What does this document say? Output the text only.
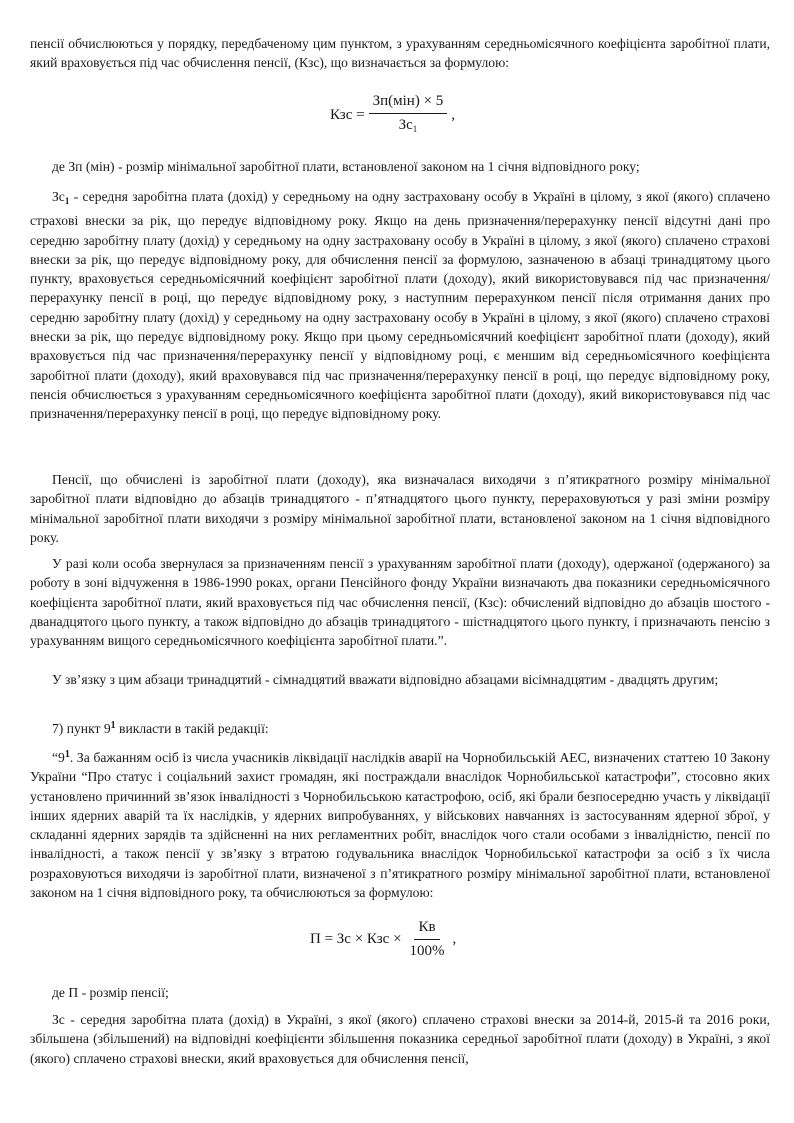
пенсії обчислюються у порядку, передбаченому цим пунктом, з урахуванням середньомісячного коефіцієнта заробітної плати, який враховується під час обчислення пенсії, (Кзс), що визначається за формулою:

Кзс = $\frac{\text{Зп(мін) × 5}}{Зс_1}$ ,

де Зп (мін) - розмір мінімальної заробітної плати, встановленої законом на 1 січня відповідного року;

$Зс_1$ - середня заробітна плата (дохід) у середньому на одну застраховану особу в Україні в цілому, з якої (якого) сплачено страхові внески за рік, що передує відповідному року. Якщо на день призначення/перерахунку пенсії відсутні дані про середню заробітну плату (дохід) у середньому на одну застраховану особу в Україні в цілому, з якої (якого) сплачено страхові внески за рік, що передує відповідному року, для обчислення пенсії за формулою, зазначеною в абзаці тринадцятому цього пункту, враховується середньомісячний коефіцієнт заробітної плати (доходу), який використовувався під час призначення/перерахунку пенсії в році, що передує відповідному року, з наступним перерахунком пенсії після отримання даних про середню заробітну плату (дохід) у середньому на одну застраховану особу в Україні в цілому, з якої (якого) сплачено страхові внески за рік, що передує відповідному року. Якщо при цьому середньомісячний коефіцієнт заробітної плати (доходу), який враховується під час призначення/перерахунку пенсії у відповідному році, є меншим від середньомісячного коефіцієнта заробітної плати (доходу), який враховувався під час призначення/перерахунку пенсії в році, що передує відповідному року, пенсія обчислюється з урахуванням середньомісячного коефіцієнта заробітної плати (доходу), який використовувався під час призначення/перерахунку пенсії в році, що передує відповідному року.

Пенсії, що обчислені із заробітної плати (доходу), яка визначалася виходячи з п’ятикратного розміру мінімальної заробітної плати відповідно до абзаців тринадцятого - п’ятнадцятого цього пункту, перераховуються у разі зміни розміру мінімальної заробітної плати виходячи з розміру мінімальної заробітної плати, встановленої законом на 1 січня відповідного року.

У разі коли особа звернулася за призначенням пенсії з урахуванням заробітної плати (доходу), одержаної (одержаного) за роботу в зоні відчуження в 1986-1990 роках, органи Пенсійного фонду України визначають два показники середньомісячного коефіцієнта заробітної плати, який враховується під час обчислення пенсії, (Кзс): обчислений відповідно до абзаців шостого - дванадцятого цього пункту, а також відповідно до абзаців тринадцятого - шістнадцятого цього пункту, і призначають пенсію з урахуванням вищого середньомісячного коефіцієнта заробітної плати.”.

У зв’язку з цим абзаци тринадцятий - сімнадцятий вважати відповідно абзацами вісімнадцятим - двадцять другим;

7) пункт $9^1$ викласти в такій редакції:

“$9^1$. За бажанням осіб із числа учасників ліквідації наслідків аварії на Чорнобильській АЕС, визначених статтею 10 Закону України “Про статус і соціальний захист громадян, які постраждали внаслідок Чорнобильської катастрофи”, стосовно яких установлено причинний зв’язок інвалідності з Чорнобильською катастрофою, осіб, які брали безпосередню участь у ліквідації інших ядерних аварій та їх наслідків, у ядерних випробуваннях, у військових навчаннях із застосуванням ядерної зброї, у складанні ядерних зарядів та здійсненні на них регламентних робіт, внаслідок чого стали особами з інвалідністю, пенсії по інвалідності, а також пенсії у зв’язку з втратою годувальника внаслідок Чорнобильської катастрофи за осіб з їх числа розраховуються виходячи із заробітної плати, визначеної з п’ятикратного розміру мінімальної заробітної плати, встановленої законом на 1 січня відповідного року, та обчислюються за формулою:

П = Зс × Кзс × $\frac{Кв}{100\%}$ ,

де П - розмір пенсії;

Зс - середня заробітна плата (дохід) в Україні, з якої (якого) сплачено страхові внески за 2014-й, 2015-й та 2016 роки, збільшена (збільшений) на відповідні коефіцієнти збільшення показника середньої заробітної плати (доходу) в Україні, з якої (якого) сплачено страхові внески, який враховується для обчислення пенсії,
